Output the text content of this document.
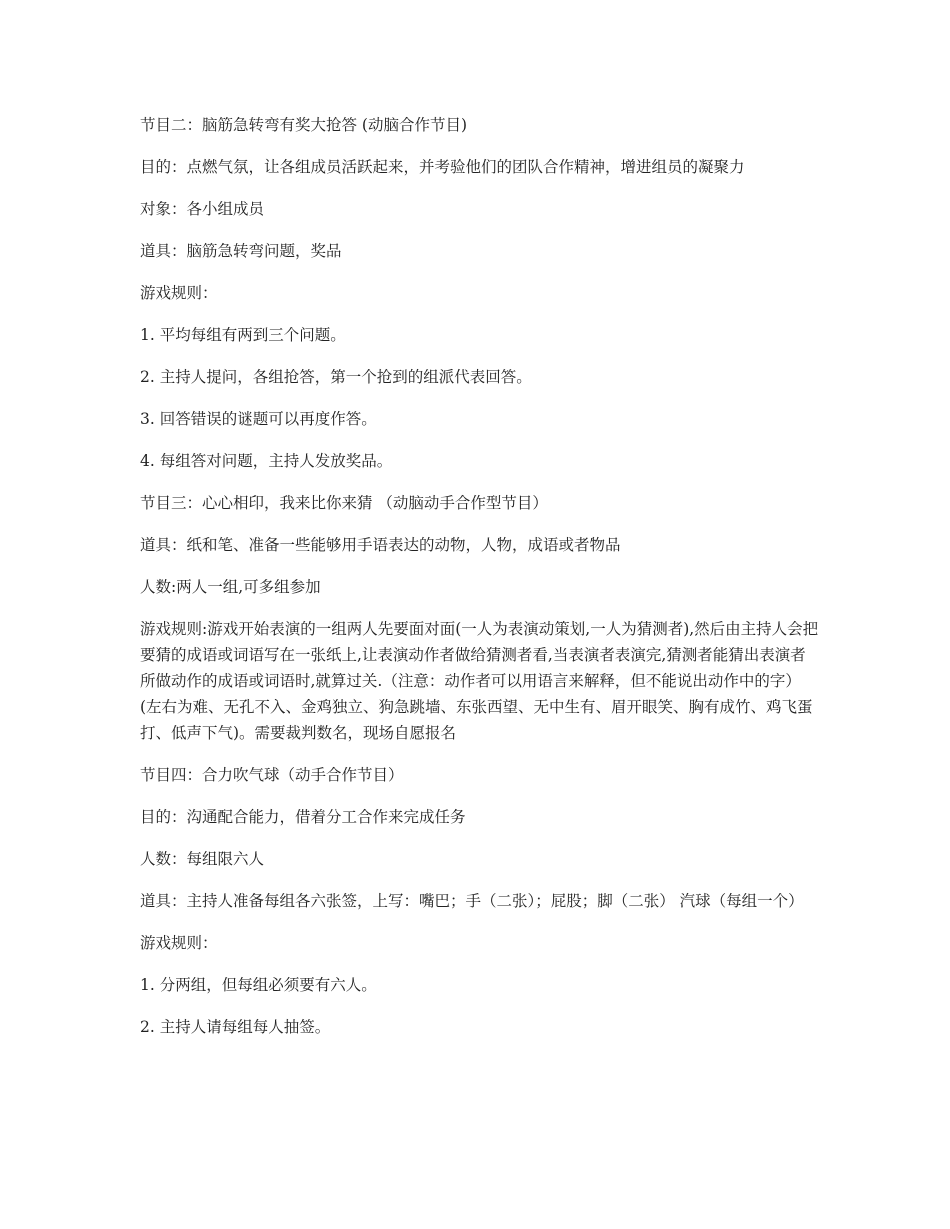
节目二：脑筋急转弯有奖大抢答 (动脑合作节目)

目的：点燃气氛，让各组成员活跃起来，并考验他们的团队合作精神，增进组员的凝聚力

对象：各小组成员

道具：脑筋急转弯问题，奖品

游戏规则：

1. 平均每组有两到三个问题。

2. 主持人提问，各组抢答，第一个抢到的组派代表回答。

3. 回答错误的谜题可以再度作答。

4. 每组答对问题，主持人发放奖品。

节目三：心心相印，我来比你来猜 （动脑动手合作型节目）

道具：纸和笔、准备一些能够用手语表达的动物，人物，成语或者物品

人数:两人一组,可多组参加

游戏规则:游戏开始表演的一组两人先要面对面(一人为表演动策划,一人为猜测者),然后由主持人会把要猜的成语或词语写在一张纸上,让表演动作者做给猜测者看,当表演者表演完,猜测者能猜出表演者所做动作的成语或词语时,就算过关.（注意：动作者可以用语言来解释，但不能说出动作中的字）(左右为难、无孔不入、金鸡独立、狗急跳墙、东张西望、无中生有、眉开眼笑、胸有成竹、鸡飞蛋打、低声下气)。需要裁判数名，现场自愿报名

节目四：合力吹气球（动手合作节目）

目的：沟通配合能力，借着分工合作来完成任务

人数：每组限六人

道具：主持人准备每组各六张签，上写：嘴巴；手（二张）；屁股；脚（二张） 汽球（每组一个）

游戏规则：

1. 分两组，但每组必须要有六人。

2. 主持人请每组每人抽签。
